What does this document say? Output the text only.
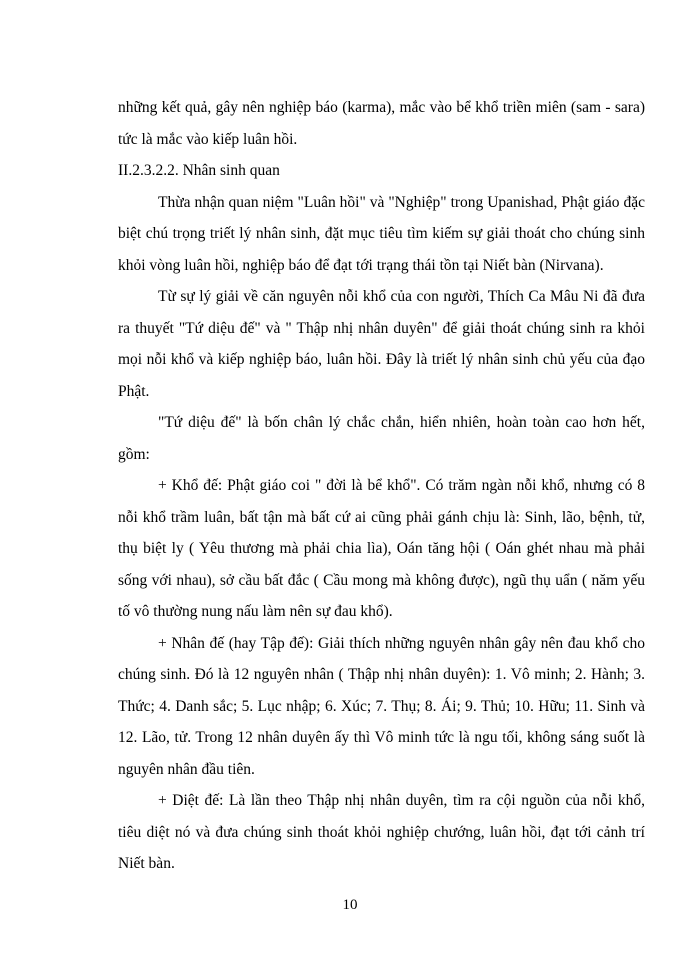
những kết quả, gây nên nghiệp báo (karma), mắc vào bể khổ triền miên (sam - sara) tức là mắc vào kiếp luân hồi.

II.2.3.2.2. Nhân sinh quan

Thừa nhận quan niệm "Luân hồi" và "Nghiệp" trong Upanishad, Phật giáo đặc biệt chú trọng triết lý nhân sinh, đặt mục tiêu tìm kiếm sự giải thoát cho chúng sinh khỏi vòng luân hồi, nghiệp báo để đạt tới trạng thái tồn tại Niết bàn (Nirvana).

Từ sự lý giải về căn nguyên nỗi khổ của con người, Thích Ca Mâu Ni đã đưa ra thuyết "Tứ diệu đế" và " Thập nhị nhân duyên" để giải thoát chúng sinh ra khỏi mọi nỗi khổ và kiếp nghiệp báo, luân hồi. Đây là triết lý nhân sinh chủ yếu của đạo Phật.

"Tứ diệu đế" là bốn chân lý chắc chắn, hiển nhiên, hoàn toàn cao hơn hết, gồm:

+ Khổ đế: Phật giáo coi " đời là bể khổ". Có trăm ngàn nỗi khổ, nhưng có 8 nỗi khổ trầm luân, bất tận mà bất cứ ai cũng phải gánh chịu là: Sinh, lão, bệnh, tử, thụ biệt ly ( Yêu thương mà phải chia lìa), Oán tăng hội ( Oán ghét nhau mà phải sống với nhau), sở cầu bất đắc ( Cầu mong mà không được), ngũ thụ uẩn ( năm yếu tố vô thường nung nấu làm nên sự đau khổ).

+ Nhân đế (hay Tập đế): Giải thích những nguyên nhân gây nên đau khổ cho chúng sinh. Đó là 12 nguyên nhân ( Thập nhị nhân duyên): 1. Vô minh; 2. Hành; 3. Thức; 4. Danh sắc; 5. Lục nhập; 6. Xúc; 7. Thụ; 8. Ái; 9. Thủ; 10. Hữu; 11. Sinh và 12. Lão, tử. Trong 12 nhân duyên ấy thì Vô minh tức là ngu tối, không sáng suốt là nguyên nhân đầu tiên.

+ Diệt đế: Là lần theo Thập nhị nhân duyên, tìm ra cội nguồn của nỗi khổ, tiêu diệt nó và đưa chúng sinh thoát khỏi nghiệp chướng, luân hồi, đạt tới cảnh trí Niết bàn.

10
